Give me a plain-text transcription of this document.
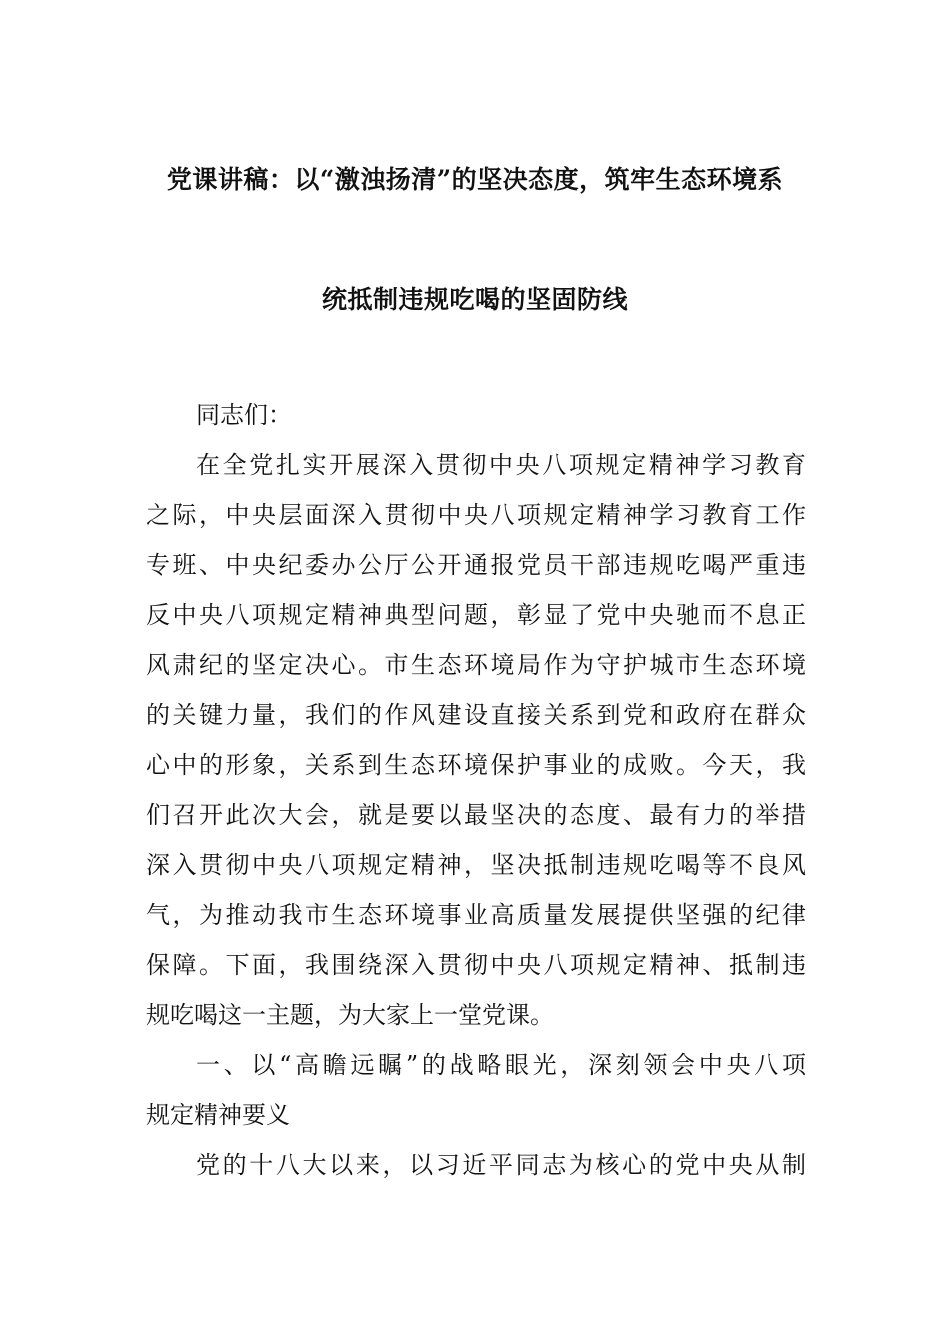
党课讲稿：以“激浊扬清”的坚决态度，筑牢生态环境系
统抵制违规吃喝的坚固防线
同志们：
在全党扎实开展深入贯彻中央八项规定精神学习教育
之际，中央层面深入贯彻中央八项规定精神学习教育工作
专班、中央纪委办公厅公开通报党员干部违规吃喝严重违
反中央八项规定精神典型问题，彰显了党中央驰而不息正
风肃纪的坚定决心。市生态环境局作为守护城市生态环境
的关键力量，我们的作风建设直接关系到党和政府在群众
心中的形象，关系到生态环境保护事业的成败。今天，我
们召开此次大会，就是要以最坚决的态度、最有力的举措
深入贯彻中央八项规定精神，坚决抵制违规吃喝等不良风
气，为推动我市生态环境事业高质量发展提供坚强的纪律
保障。下面，我围绕深入贯彻中央八项规定精神、抵制违
规吃喝这一主题，为大家上一堂党课。
一、以“高瞻远瞩”的战略眼光，深刻领会中央八项
规定精神要义
党的十八大以来，以习近平同志为核心的党中央从制
